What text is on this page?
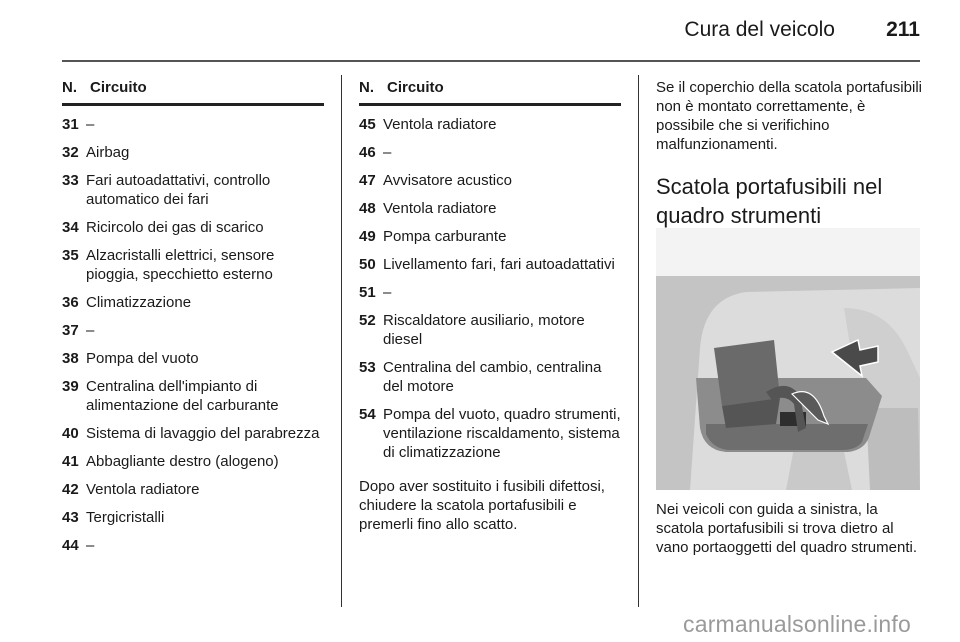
Cura del veicolo	211
N. Circuito
31 –
32 Airbag
33 Fari autoadattativi, controllo automatico dei fari
34 Ricircolo dei gas di scarico
35 Alzacristalli elettrici, sensore pioggia, specchietto esterno
36 Climatizzazione
37 –
38 Pompa del vuoto
39 Centralina dell'impianto di alimentazione del carburante
40 Sistema di lavaggio del parabrezza
41 Abbagliante destro (alogeno)
42 Ventola radiatore
43 Tergicristalli
44 –
N. Circuito
45 Ventola radiatore
46 –
47 Avvisatore acustico
48 Ventola radiatore
49 Pompa carburante
50 Livellamento fari, fari autoadattativi
51 –
52 Riscaldatore ausiliario, motore diesel
53 Centralina del cambio, centralina del motore
54 Pompa del vuoto, quadro strumenti, ventilazione riscaldamento, sistema di climatizzazione
Dopo aver sostituito i fusibili difettosi, chiudere la scatola portafusibili e premerli fino allo scatto.
Se il coperchio della scatola portafusibili non è montato correttamente, è possibile che si verifichino malfunzionamenti.
Scatola portafusibili nel quadro strumenti
Nei veicoli con guida a sinistra, la scatola portafusibili si trova dietro al vano portaoggetti del quadro strumenti.
carmanualsonline.info
